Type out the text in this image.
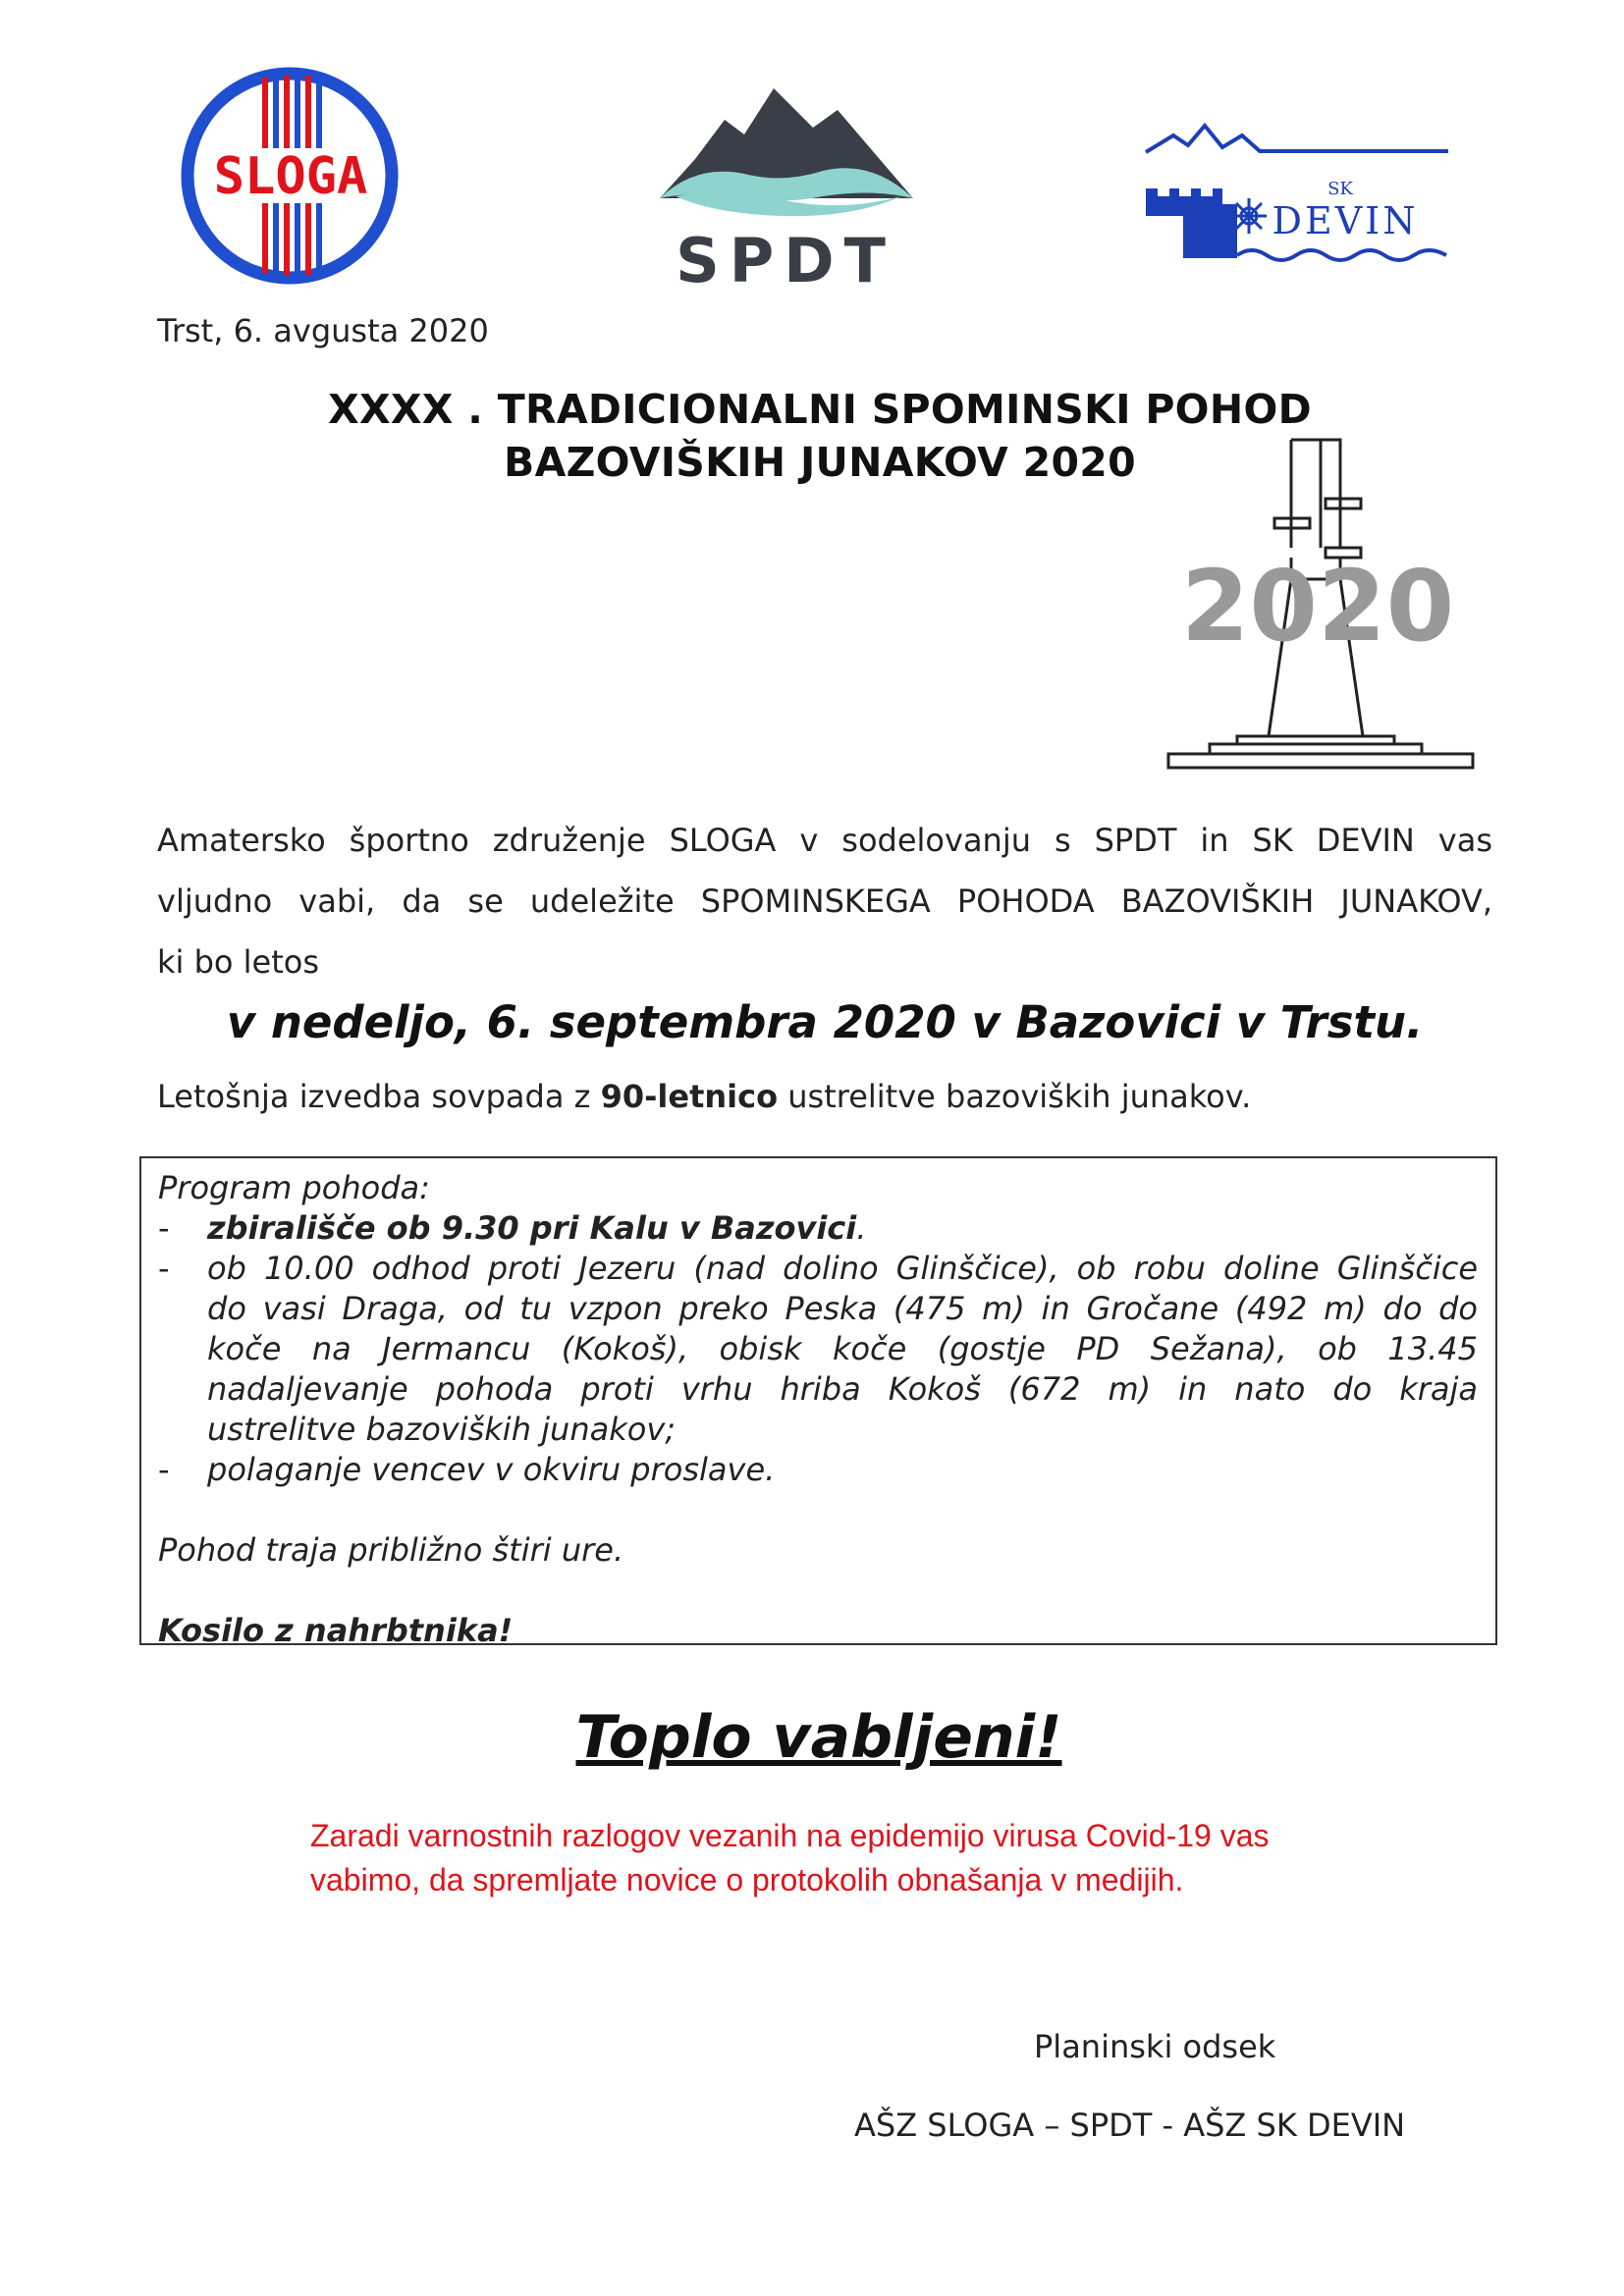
SLOGA
SPDT
SK
DEVIN
Trst, 6. avgusta 2020
XXXX . TRADICIONALNI SPOMINSKI POHOD
BAZOVIŠKIH JUNAKOV 2020
2020
Amatersko športno združenje SLOGA v sodelovanju s SPDT in SK DEVIN vas
vljudno vabi, da se udeležite SPOMINSKEGA POHODA BAZOVIŠKIH JUNAKOV,
ki bo letos
v nedeljo, 6. septembra 2020 v Bazovici v Trstu.
Letošnja izvedba sovpada z 90-letnico ustrelitve bazoviških junakov.
Program pohoda:
-	zbirališče ob 9.30 pri Kalu v Bazovici.
-	ob 10.00 odhod proti Jezeru (nad dolino Glinščice), ob robu doline Glinščice
do vasi Draga, od tu vzpon preko Peska (475 m) in Gročane (492 m) do do
koče na Jermancu (Kokoš), obisk koče (gostje PD Sežana), ob 13.45
nadaljevanje pohoda proti vrhu hriba Kokoš (672 m) in nato do kraja
ustrelitve bazoviških junakov;
-	polaganje vencev v okviru proslave.
Pohod traja približno štiri ure.
Kosilo z nahrbtnika!
Toplo vabljeni!
Zaradi varnostnih razlogov vezanih na epidemijo virusa Covid-19 vas
vabimo, da spremljate novice o protokolih obnašanja v medijih.
Planinski odsek
AŠZ SLOGA – SPDT - AŠZ SK DEVIN
